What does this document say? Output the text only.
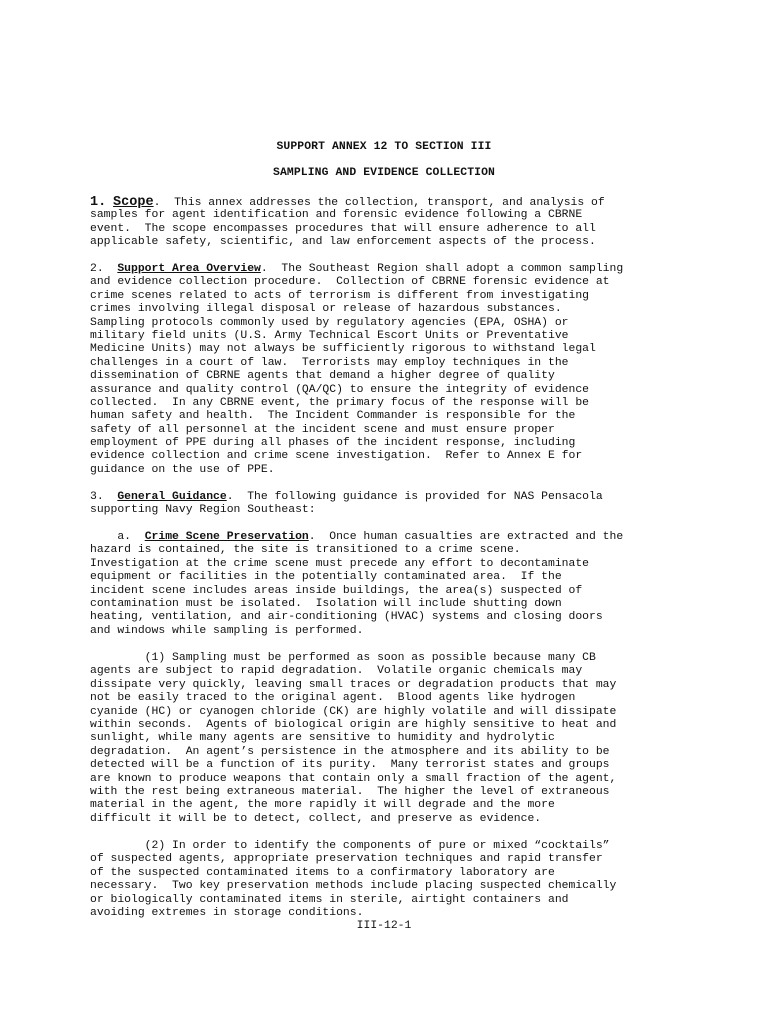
SUPPORT ANNEX 12 TO SECTION III
SAMPLING AND EVIDENCE COLLECTION
1. Scope.  This annex addresses the collection, transport, and analysis of
samples for agent identification and forensic evidence following a CBRNE
event.  The scope encompasses procedures that will ensure adherence to all
applicable safety, scientific, and law enforcement aspects of the process.
2.  Support Area Overview.  The Southeast Region shall adopt a common sampling
and evidence collection procedure.  Collection of CBRNE forensic evidence at
crime scenes related to acts of terrorism is different from investigating
crimes involving illegal disposal or release of hazardous substances.
Sampling protocols commonly used by regulatory agencies (EPA, OSHA) or
military field units (U.S. Army Technical Escort Units or Preventative
Medicine Units) may not always be sufficiently rigorous to withstand legal
challenges in a court of law.  Terrorists may employ techniques in the
dissemination of CBRNE agents that demand a higher degree of quality
assurance and quality control (QA/QC) to ensure the integrity of evidence
collected.  In any CBRNE event, the primary focus of the response will be
human safety and health.  The Incident Commander is responsible for the
safety of all personnel at the incident scene and must ensure proper
employment of PPE during all phases of the incident response, including
evidence collection and crime scene investigation.  Refer to Annex E for
guidance on the use of PPE.
3.  General Guidance.  The following guidance is provided for NAS Pensacola
supporting Navy Region Southeast:
a.  Crime Scene Preservation.  Once human casualties are extracted and the
hazard is contained, the site is transitioned to a crime scene.
Investigation at the crime scene must precede any effort to decontaminate
equipment or facilities in the potentially contaminated area.  If the
incident scene includes areas inside buildings, the area(s) suspected of
contamination must be isolated.  Isolation will include shutting down
heating, ventilation, and air-conditioning (HVAC) systems and closing doors
and windows while sampling is performed.
(1) Sampling must be performed as soon as possible because many CB
agents are subject to rapid degradation.  Volatile organic chemicals may
dissipate very quickly, leaving small traces or degradation products that may
not be easily traced to the original agent.  Blood agents like hydrogen
cyanide (HC) or cyanogen chloride (CK) are highly volatile and will dissipate
within seconds.  Agents of biological origin are highly sensitive to heat and
sunlight, while many agents are sensitive to humidity and hydrolytic
degradation.  An agent’s persistence in the atmosphere and its ability to be
detected will be a function of its purity.  Many terrorist states and groups
are known to produce weapons that contain only a small fraction of the agent,
with the rest being extraneous material.  The higher the level of extraneous
material in the agent, the more rapidly it will degrade and the more
difficult it will be to detect, collect, and preserve as evidence.
(2) In order to identify the components of pure or mixed “cocktails”
of suspected agents, appropriate preservation techniques and rapid transfer
of the suspected contaminated items to a confirmatory laboratory are
necessary.  Two key preservation methods include placing suspected chemically
or biologically contaminated items in sterile, airtight containers and
avoiding extremes in storage conditions.
III-12-1
